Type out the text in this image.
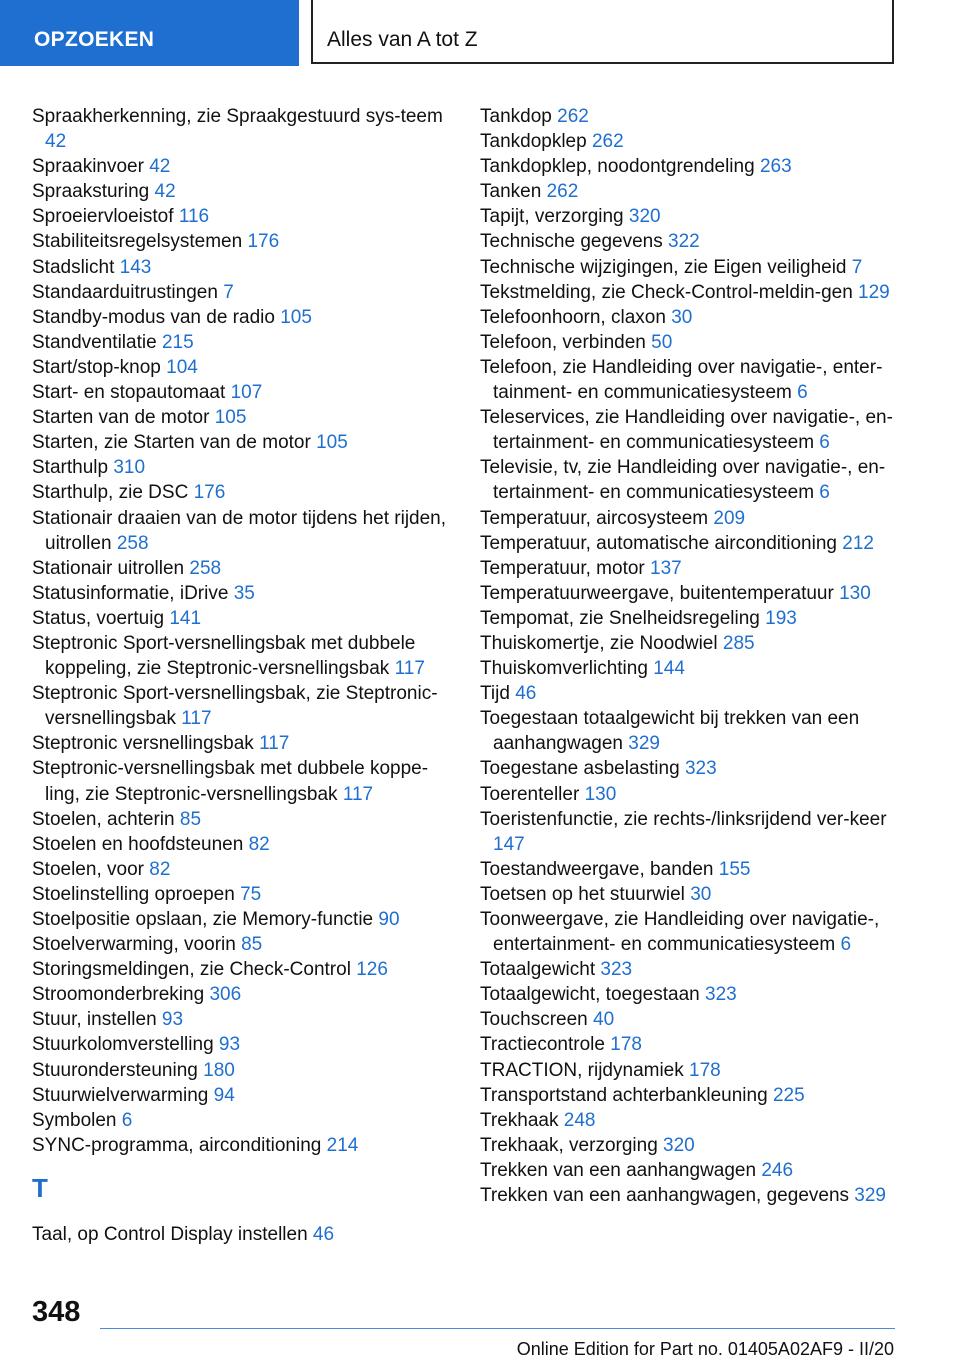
OPZOEKEN	Alles van A tot Z
Spraakherkenning, zie Spraakgestuurd sys-teem 42
Spraakinvoer 42
Spraaksturing 42
Sproeiervloeistof 116
Stabiliteitsregelsystemen 176
Stadslicht 143
Standaarduitrustingen 7
Standby-modus van de radio 105
Standventilatie 215
Start/stop-knop 104
Start- en stopautomaat 107
Starten van de motor 105
Starten, zie Starten van de motor 105
Starthulp 310
Starthulp, zie DSC 176
Stationair draaien van de motor tijdens het rijden, uitrollen 258
Stationair uitrollen 258
Statusinformatie, iDrive 35
Status, voertuig 141
Steptronic Sport-versnellingsbak met dubbele koppeling, zie Steptronic-versnellingsbak 117
Steptronic Sport-versnellingsbak, zie Steptronic-versnellingsbak 117
Steptronic versnellingsbak 117
Steptronic-versnellingsbak met dubbele koppe-ling, zie Steptronic-versnellingsbak 117
Stoelen, achterin 85
Stoelen en hoofdsteunen 82
Stoelen, voor 82
Stoelinstelling oproepen 75
Stoelpositie opslaan, zie Memory-functie 90
Stoelverwarming, voorin 85
Storingsmeldingen, zie Check-Control 126
Stroomonderbreking 306
Stuur, instellen 93
Stuurkolomverstelling 93
Stuurondersteuning 180
Stuurwielverwarming 94
Symbolen 6
SYNC-programma, airconditioning 214
T
Taal, op Control Display instellen 46
Tankdop 262
Tankdopklep 262
Tankdopklep, noodontgrendeling 263
Tanken 262
Tapijt, verzorging 320
Technische gegevens 322
Technische wijzigingen, zie Eigen veiligheid 7
Tekstmelding, zie Check-Control-meldin-gen 129
Telefoonhoorn, claxon 30
Telefoon, verbinden 50
Telefoon, zie Handleiding over navigatie-, enter-tainment- en communicatiesysteem 6
Teleservices, zie Handleiding over navigatie-, en-tertainment- en communicatiesysteem 6
Televisie, tv, zie Handleiding over navigatie-, en-tertainment- en communicatiesysteem 6
Temperatuur, aircosysteem 209
Temperatuur, automatische airconditioning 212
Temperatuur, motor 137
Temperatuurweergave, buitentemperatuur 130
Tempomat, zie Snelheidsregeling 193
Thuiskomertje, zie Noodwiel 285
Thuiskomverlichting 144
Tijd 46
Toegestaan totaalgewicht bij trekken van een aanhangwagen 329
Toegestane asbelasting 323
Toerenteller 130
Toeristenfunctie, zie rechts-/linksrijdend ver-keer 147
Toestandweergave, banden 155
Toetsen op het stuurwiel 30
Toonweergave, zie Handleiding over navigatie-, entertainment- en communicatiesysteem 6
Totaalgewicht 323
Totaalgewicht, toegestaan 323
Touchscreen 40
Tractiecontrole 178
TRACTION, rijdynamiek 178
Transportstand achterbankleuning 225
Trekhaak 248
Trekhaak, verzorging 320
Trekken van een aanhangwagen 246
Trekken van een aanhangwagen, gegevens 329
348
Online Edition for Part no. 01405A02AF9 - II/20
